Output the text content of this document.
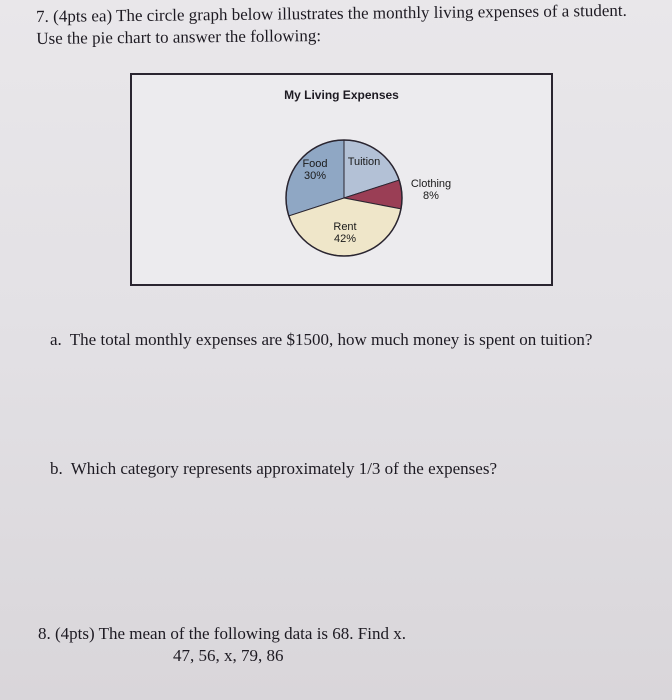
7. (4pts ea) The circle graph below illustrates the monthly living expenses of a student.
Use the pie chart to answer the following:
My Living Expenses
Food
30%
Tuition
Clothing
8%
Rent
42%
a. The total monthly expenses are $1500, how much money is spent on tuition?
b. Which category represents approximately 1/3 of the expenses?
8. (4pts) The mean of the following data is 68. Find x.
47, 56, x, 79, 86
